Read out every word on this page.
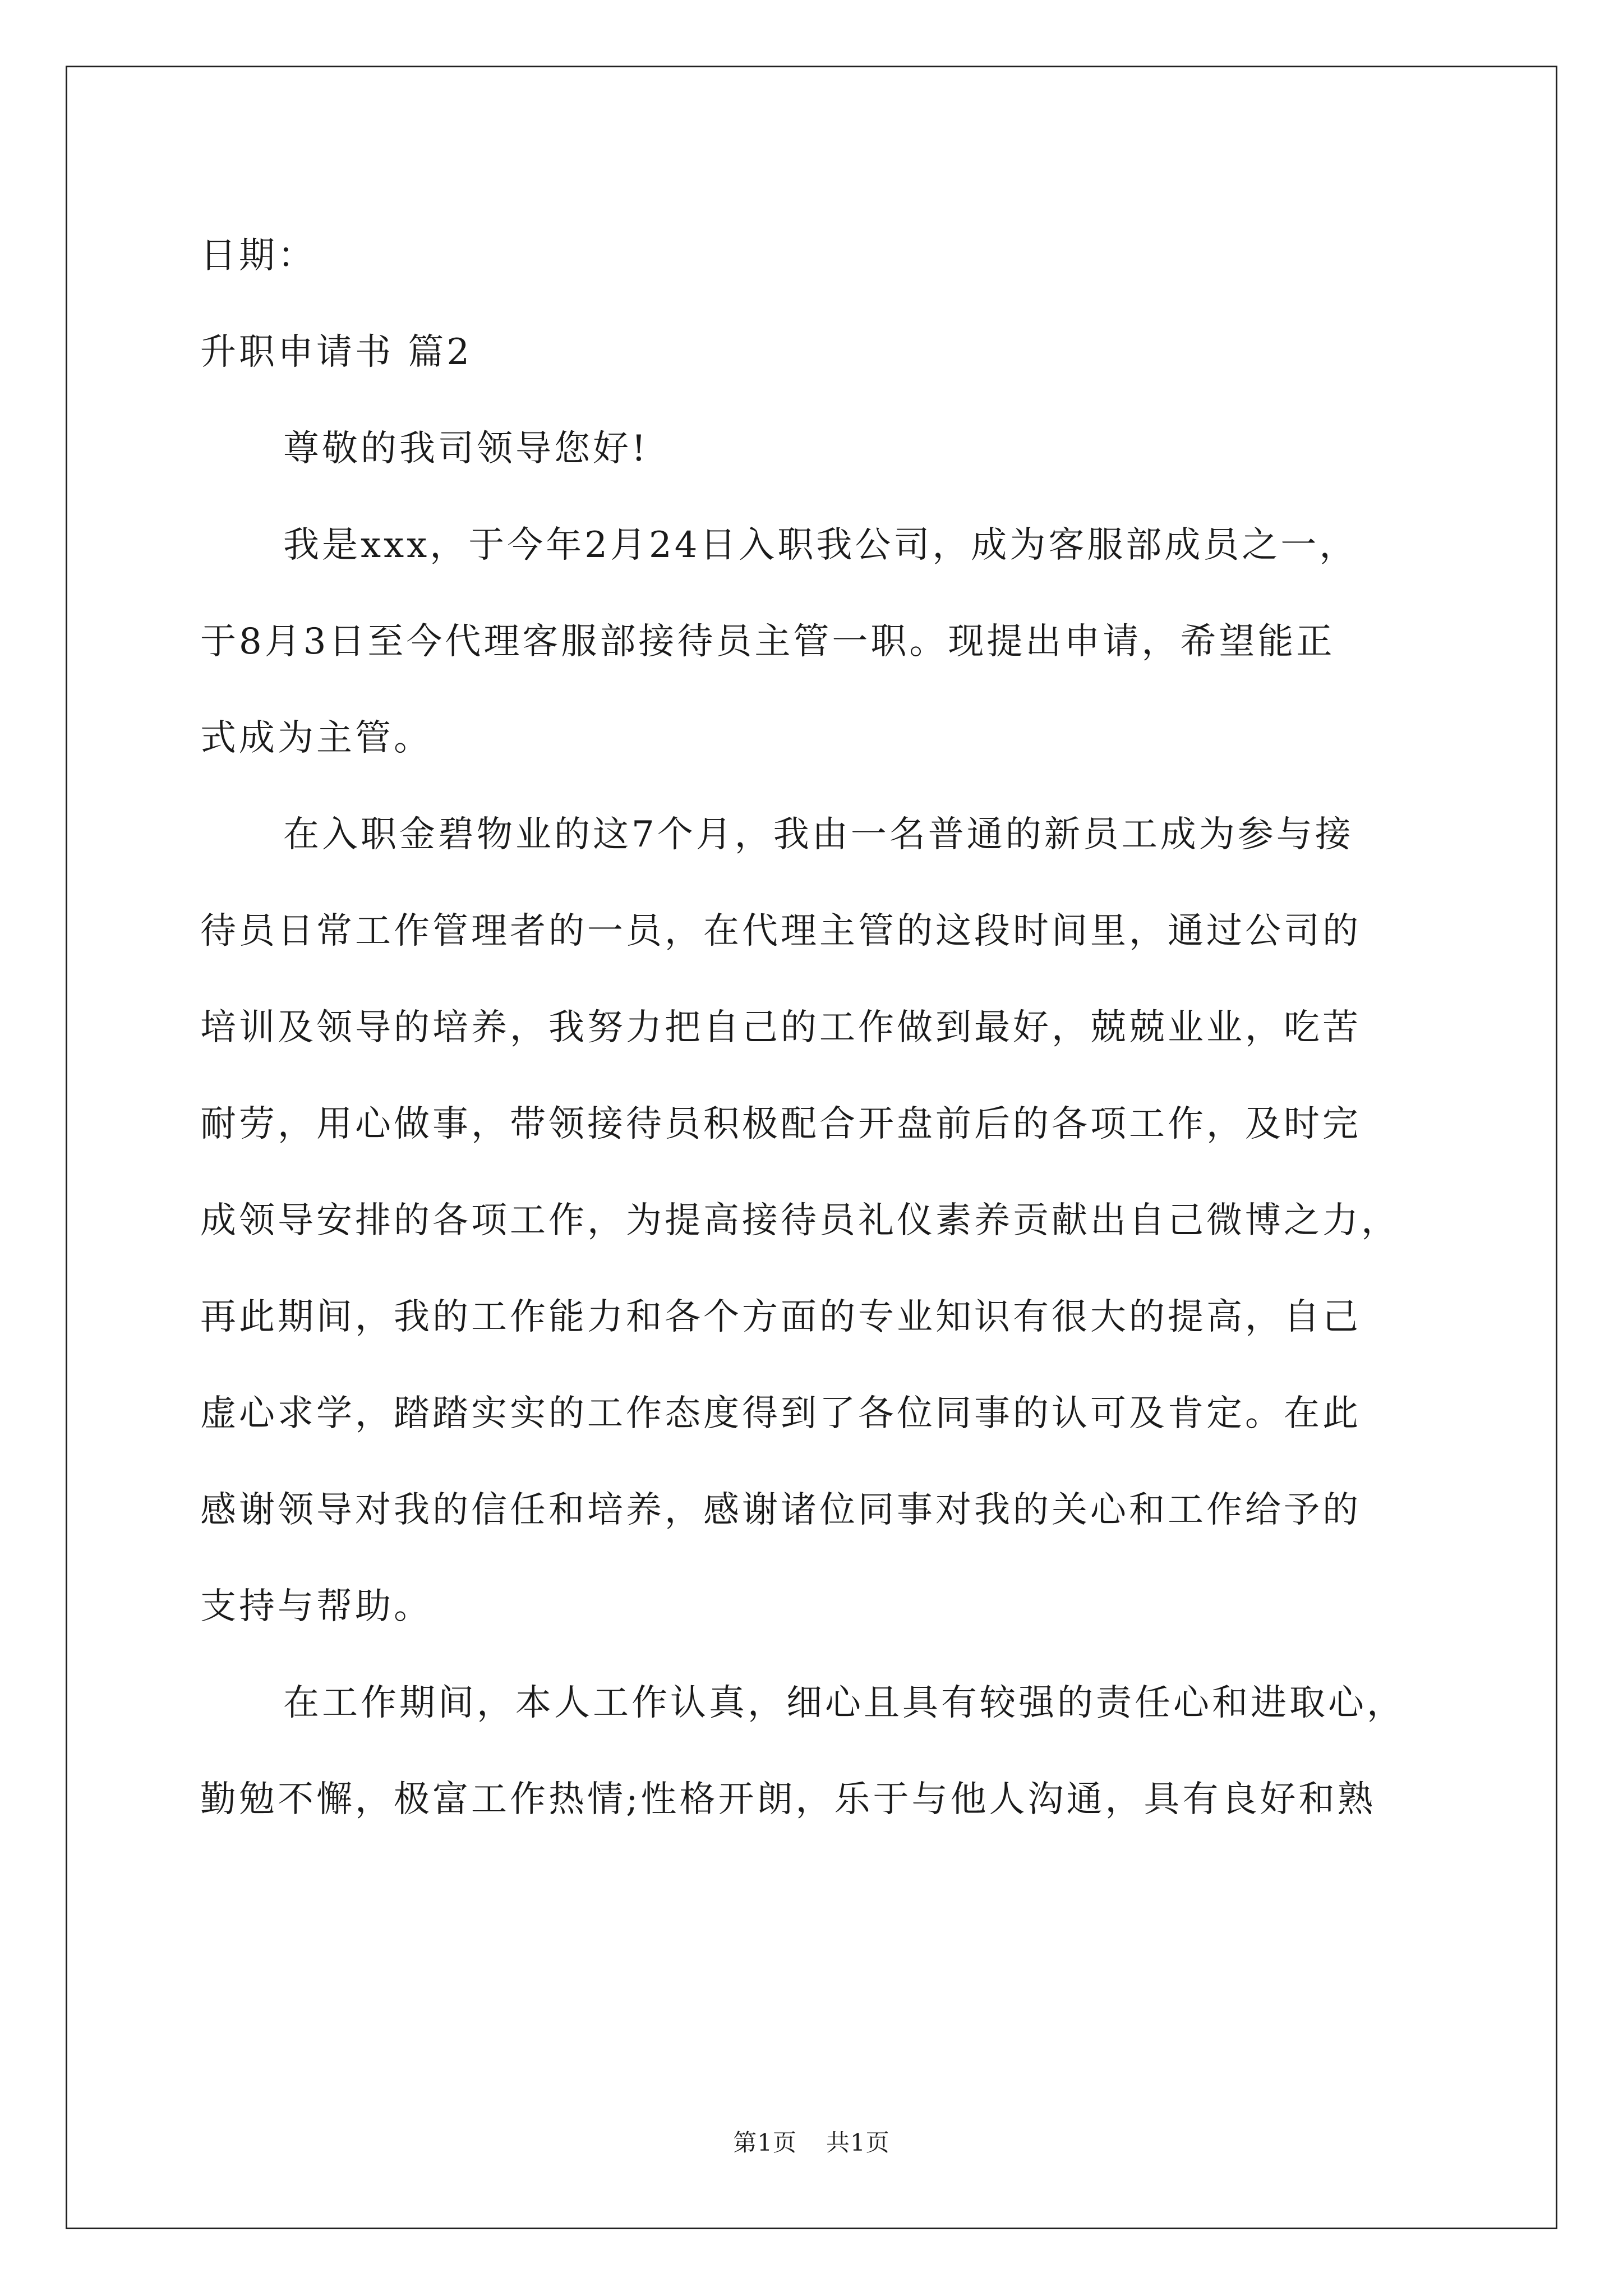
日期：
升职申请书 篇2
尊敬的我司领导您好!
我是xxx，于今年2月24日入职我公司，成为客服部成员之一，
于8月3日至今代理客服部接待员主管一职。现提出申请，希望能正
式成为主管。
在入职金碧物业的这7个月，我由一名普通的新员工成为参与接
待员日常工作管理者的一员，在代理主管的这段时间里，通过公司的
培训及领导的培养，我努力把自己的工作做到最好，兢兢业业，吃苦
耐劳，用心做事，带领接待员积极配合开盘前后的各项工作，及时完
成领导安排的各项工作，为提高接待员礼仪素养贡献出自己微博之力，
再此期间，我的工作能力和各个方面的专业知识有很大的提高，自己
虚心求学，踏踏实实的工作态度得到了各位同事的认可及肯定。在此
感谢领导对我的信任和培养，感谢诸位同事对我的关心和工作给予的
支持与帮助。
在工作期间，本人工作认真，细心且具有较强的责任心和进取心，
勤勉不懈，极富工作热情;性格开朗，乐于与他人沟通，具有良好和熟
第1页 共1页
